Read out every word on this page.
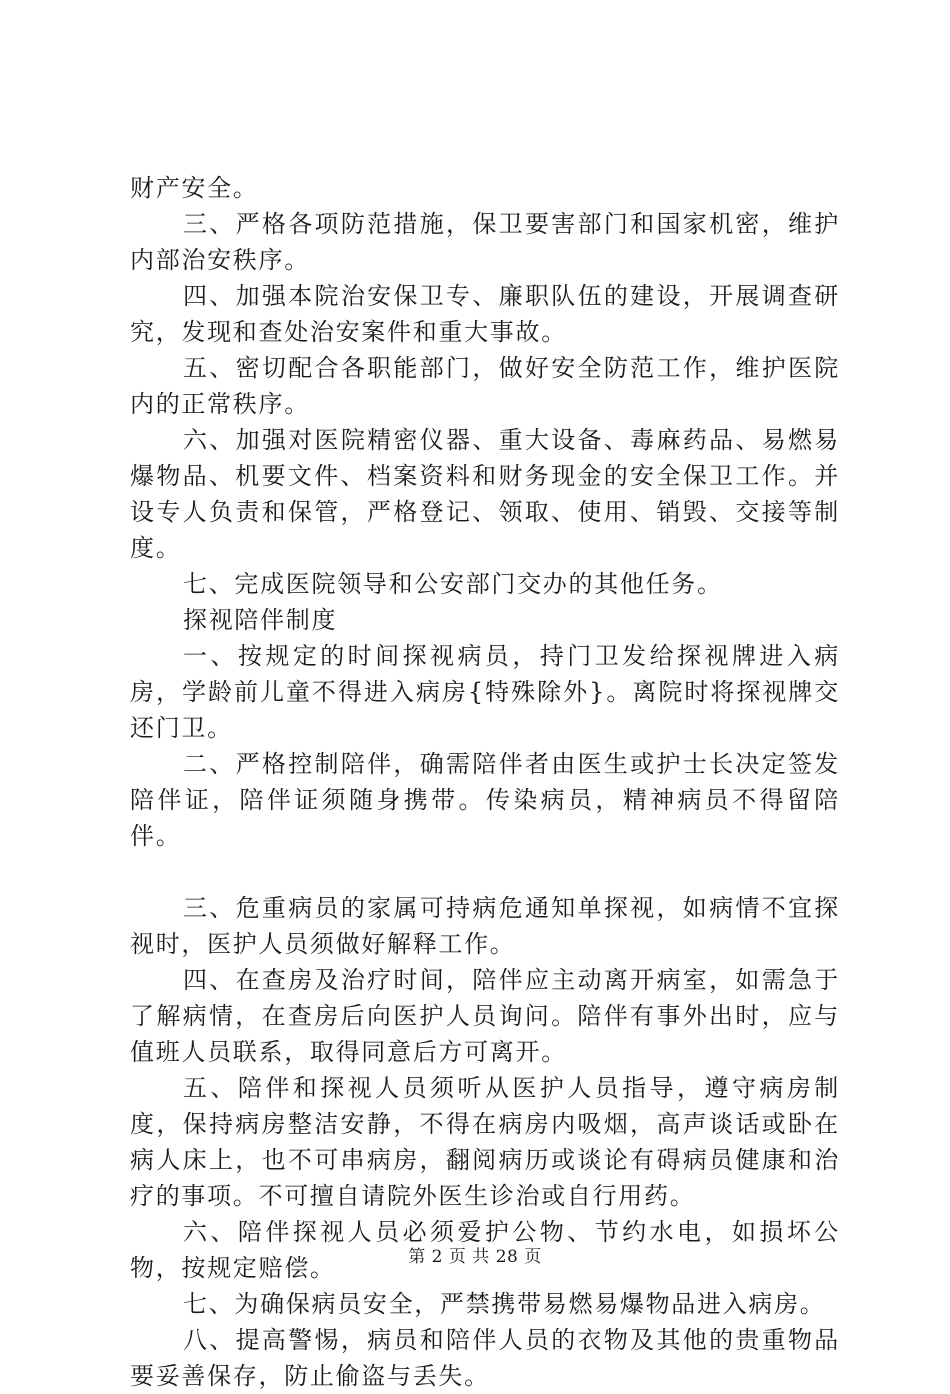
财产安全。

三、严格各项防范措施，保卫要害部门和国家机密，维护内部治安秩序。

四、加强本院治安保卫专、廉职队伍的建设，开展调查研究，发现和查处治安案件和重大事故。

五、密切配合各职能部门，做好安全防范工作，维护医院内的正常秩序。

六、加强对医院精密仪器、重大设备、毒麻药品、易燃易爆物品、机要文件、档案资料和财务现金的安全保卫工作。并设专人负责和保管，严格登记、领取、使用、销毁、交接等制度。

七、完成医院领导和公安部门交办的其他任务。

探视陪伴制度

一、按规定的时间探视病员，持门卫发给探视牌进入病房，学龄前儿童不得进入病房{特殊除外}。离院时将探视牌交还门卫。

二、严格控制陪伴，确需陪伴者由医生或护士长决定签发陪伴证，陪伴证须随身携带。传染病员，精神病员不得留陪伴。

三、危重病员的家属可持病危通知单探视，如病情不宜探视时，医护人员须做好解释工作。

四、在查房及治疗时间，陪伴应主动离开病室，如需急于了解病情，在查房后向医护人员询问。陪伴有事外出时，应与值班人员联系，取得同意后方可离开。

五、陪伴和探视人员须听从医护人员指导，遵守病房制度，保持病房整洁安静，不得在病房内吸烟，高声谈话或卧在病人床上，也不可串病房，翻阅病历或谈论有碍病员健康和治疗的事项。不可擅自请院外医生诊治或自行用药。

六、陪伴探视人员必须爱护公物、节约水电，如损坏公物，按规定赔偿。

七、为确保病员安全，严禁携带易燃易爆物品进入病房。

八、提高警惕，病员和陪伴人员的衣物及其他的贵重物品要妥善保存，防止偷盗与丢失。

第 2 页 共 28 页
